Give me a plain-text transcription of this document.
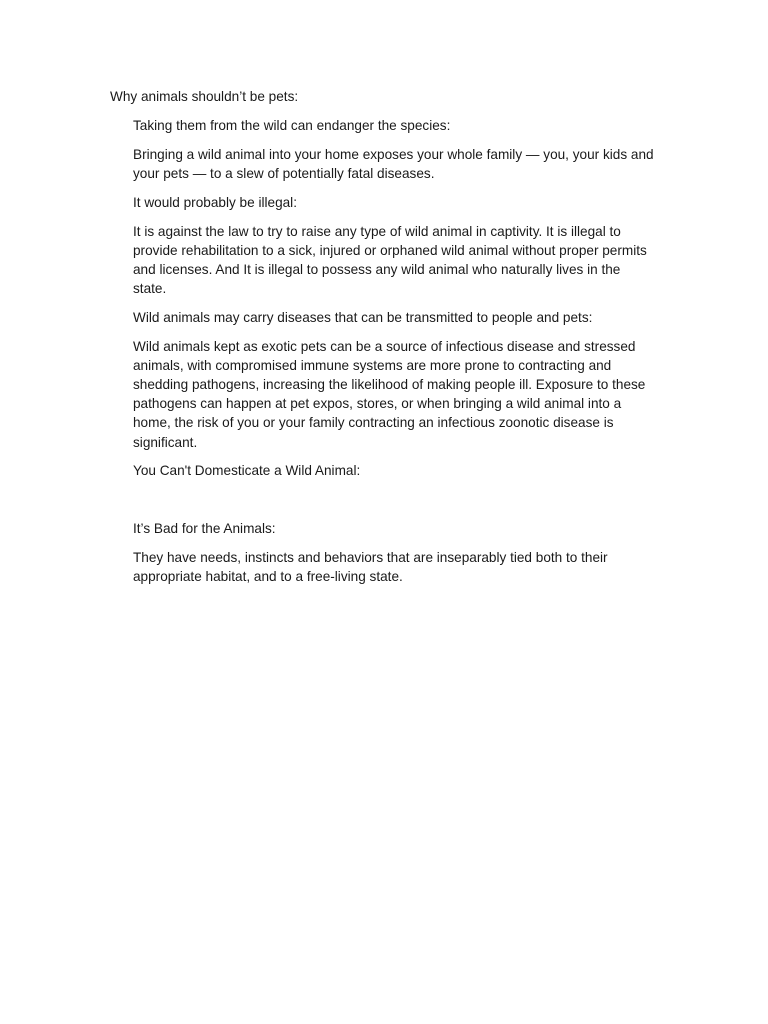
Why animals shouldn’t be pets:

Taking them from the wild can endanger the species:

Bringing a wild animal into your home exposes your whole family — you, your kids and your pets — to a slew of potentially fatal diseases.

It would probably be illegal:

It is against the law to try to raise any type of wild animal in captivity. It is illegal to provide rehabilitation to a sick, injured or orphaned wild animal without proper permits and licenses. And It is illegal to possess any wild animal who naturally lives in the state.

Wild animals may carry diseases that can be transmitted to people and pets:

Wild animals kept as exotic pets can be a source of infectious disease and stressed animals, with compromised immune systems are more prone to contracting and shedding pathogens, increasing the likelihood of making people ill. Exposure to these pathogens can happen at pet expos, stores, or when bringing a wild animal into a home, the risk of you or your family contracting an infectious zoonotic disease is significant.

You Can't Domesticate a Wild Animal:

It’s Bad for the Animals:

They have needs, instincts and behaviors that are inseparably tied both to their appropriate habitat, and to a free-living state.
